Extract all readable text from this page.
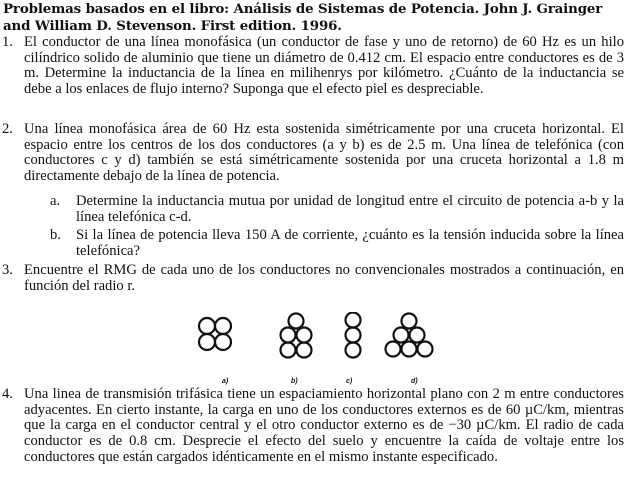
Problemas basados en el libro: Análisis de Sistemas de Potencia. John J. Grainger and William D. Stevenson. First edition. 1996.
1. El conductor de una línea monofásica (un conductor de fase y uno de retorno) de 60 Hz es un hilo cilíndrico solido de aluminio que tiene un diámetro de 0.412 cm. El espacio entre conductores es de 3 m. Determine la inductancia de la línea en milihenrys por kilómetro. ¿Cuánto de la inductancia se debe a los enlaces de flujo interno? Suponga que el efecto piel es despreciable.
2. Una línea monofásica área de 60 Hz esta sostenida simétricamente por una cruceta horizontal. El espacio entre los centros de los dos conductores (a y b) es de 2.5 m. Una línea de telefónica (con conductores c y d) también se está simétricamente sostenida por una cruceta horizontal a 1.8 m directamente debajo de la línea de potencia.
a.	Determine la inductancia mutua por unidad de longitud entre el circuito de potencia a-b y la línea telefónica c-d.
b.	Si la línea de potencia lleva 150 A de corriente, ¿cuánto es la tensión inducida sobre la línea telefónica?
3. Encuentre el RMG de cada uno de los conductores no convencionales mostrados a continuación, en función del radio r.
a)	b)	c)	d)
4. Una linea de transmisión trifásica tiene un espaciamiento horizontal plano con 2 m entre conductores adyacentes. En cierto instante, la carga en uno de los conductores externos es de 60 µC/km, mientras que la carga en el conductor central y el otro conductor externo es de −30 µC/km. El radio de cada conductor es de 0.8 cm. Desprecie el efecto del suelo y encuentre la caída de voltaje entre los conductores que están cargados idénticamente en el mismo instante especificado.
